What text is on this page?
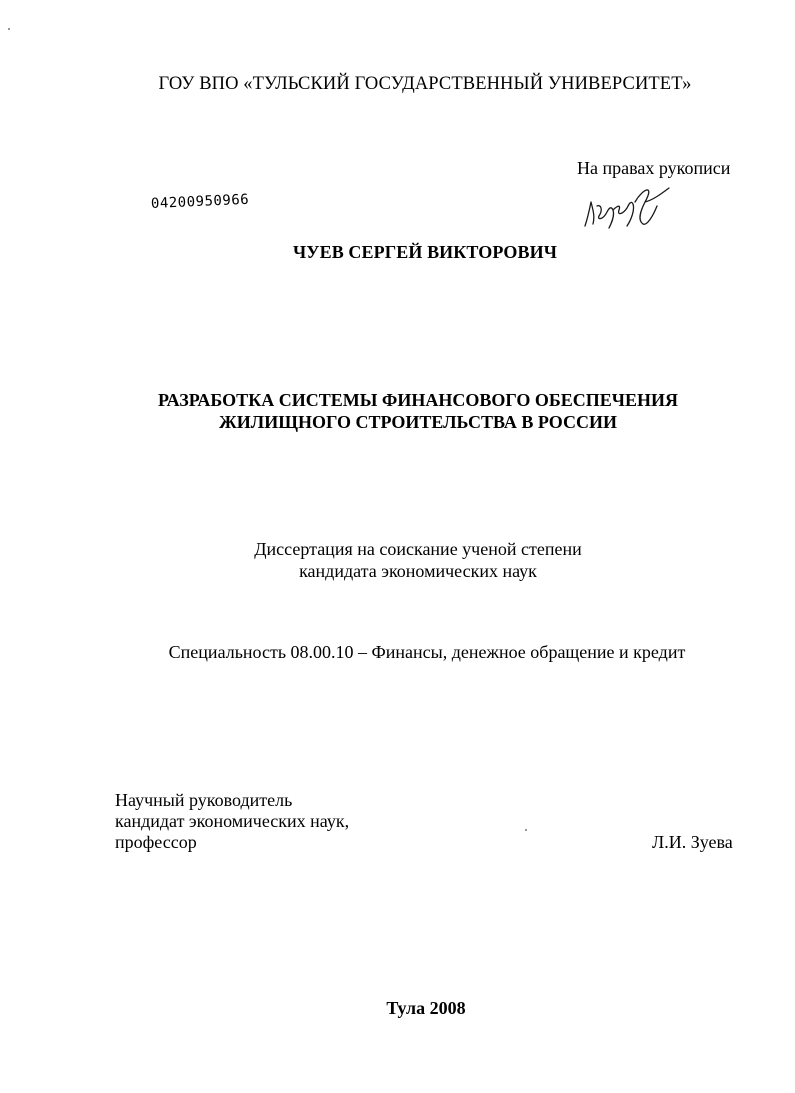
ГОУ ВПО «ТУЛЬСКИЙ ГОСУДАРСТВЕННЫЙ УНИВЕРСИТЕТ»
На правах рукописи
04200950966
ЧУЕВ СЕРГЕЙ ВИКТОРОВИЧ
РАЗРАБОТКА СИСТЕМЫ ФИНАНСОВОГО ОБЕСПЕЧЕНИЯ
ЖИЛИЩНОГО СТРОИТЕЛЬСТВА В РОССИИ
Диссертация на соискание ученой степени
кандидата экономических наук
Специальность 08.00.10 – Финансы, денежное обращение и кредит
Научный руководитель
кандидат экономических наук,
профессор	Л.И. Зуева
Тула 2008
